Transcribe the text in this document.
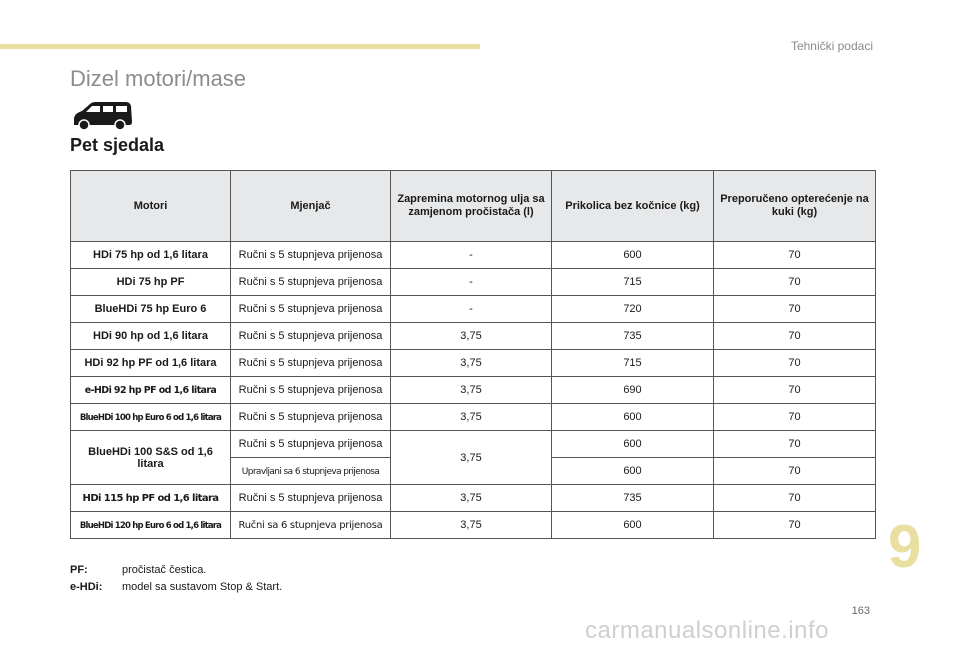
Tehnički podaci
Dizel motori/mase
Pet sjedala
Motori	Mjenjač	Zapremina motornog ulja sa zamjenom pročistača (l)	Prikolica bez kočnice (kg)	Preporučeno opterećenje na kuki (kg)
HDi 75 hp od 1,6 litara	Ručni s 5 stupnjeva prijenosa	-	600	70
HDi 75 hp PF	Ručni s 5 stupnjeva prijenosa	-	715	70
BlueHDi 75 hp Euro 6	Ručni s 5 stupnjeva prijenosa	-	720	70
HDi 90 hp od 1,6 litara	Ručni s 5 stupnjeva prijenosa	3,75	735	70
HDi 92 hp PF od 1,6 litara	Ručni s 5 stupnjeva prijenosa	3,75	715	70
e-HDi 92 hp PF od 1,6 litara	Ručni s 5 stupnjeva prijenosa	3,75	690	70
BlueHDi 100 hp Euro 6 od 1,6 litara	Ručni s 5 stupnjeva prijenosa	3,75	600	70
BlueHDi 100 S&S od 1,6 litara	Ručni s 5 stupnjeva prijenosa	3,75	600	70
	Upravljani sa 6 stupnjeva prijenosa		600	70
HDi 115 hp PF od 1,6 litara	Ručni s 5 stupnjeva prijenosa	3,75	735	70
BlueHDi 120 hp Euro 6 od 1,6 litara	Ručni sa 6 stupnjeva prijenosa	3,75	600	70
PF:	pročistač čestica.
e-HDi:	model sa sustavom Stop & Start.
9
163
carmanualsonline.info
